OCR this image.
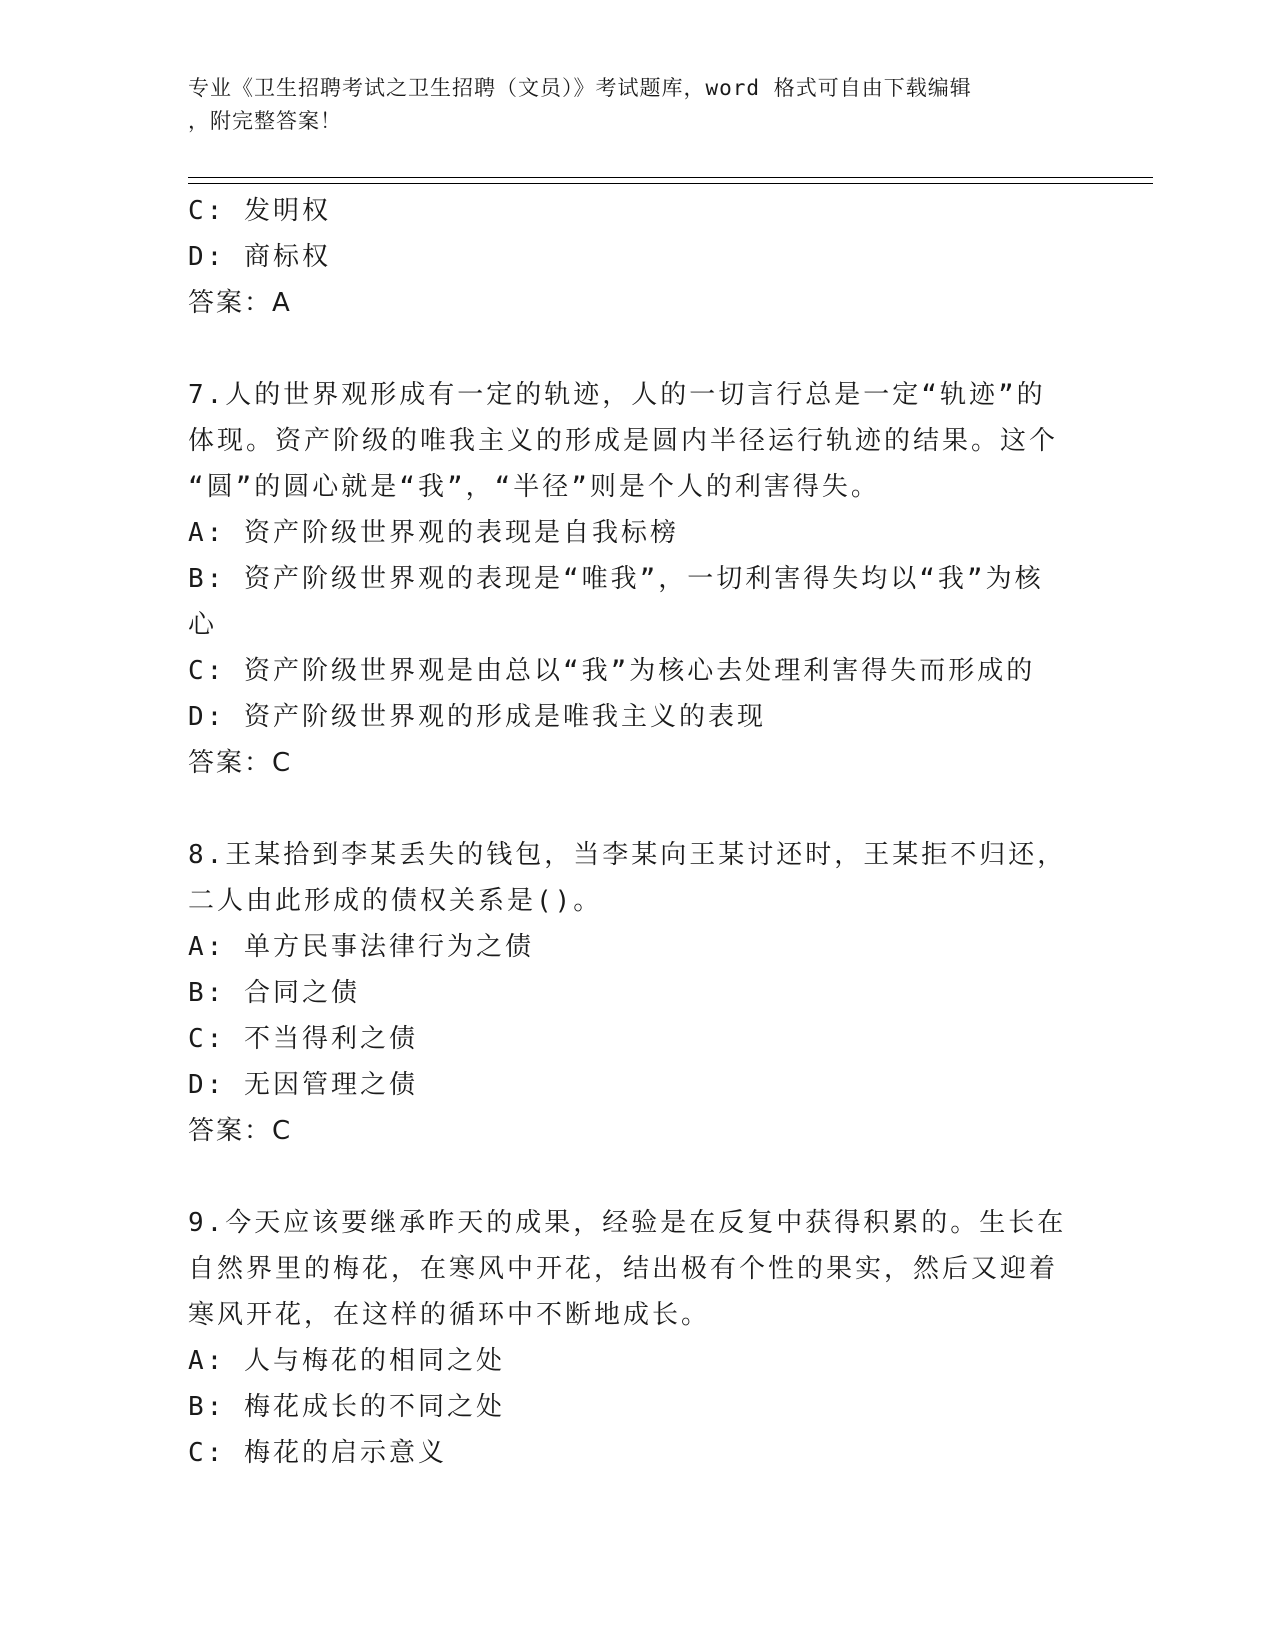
专业《卫生招聘考试之卫生招聘（文员）》考试题库，word 格式可自由下载编辑
，附完整答案！
C: 发明权
D: 商标权
答案：A
7.人的世界观形成有一定的轨迹，人的一切言行总是一定“轨迹”的
体现。资产阶级的唯我主义的形成是圆内半径运行轨迹的结果。这个
“圆”的圆心就是“我”，“半径”则是个人的利害得失。
A: 资产阶级世界观的表现是自我标榜
B: 资产阶级世界观的表现是“唯我”，一切利害得失均以“我”为核
心
C: 资产阶级世界观是由总以“我”为核心去处理利害得失而形成的
D: 资产阶级世界观的形成是唯我主义的表现
答案：C
8.王某拾到李某丢失的钱包，当李某向王某讨还时，王某拒不归还，
二人由此形成的债权关系是()。
A: 单方民事法律行为之债
B: 合同之债
C: 不当得利之债
D: 无因管理之债
答案：C
9.今天应该要继承昨天的成果，经验是在反复中获得积累的。生长在
自然界里的梅花，在寒风中开花，结出极有个性的果实，然后又迎着
寒风开花，在这样的循环中不断地成长。
A: 人与梅花的相同之处
B: 梅花成长的不同之处
C: 梅花的启示意义
